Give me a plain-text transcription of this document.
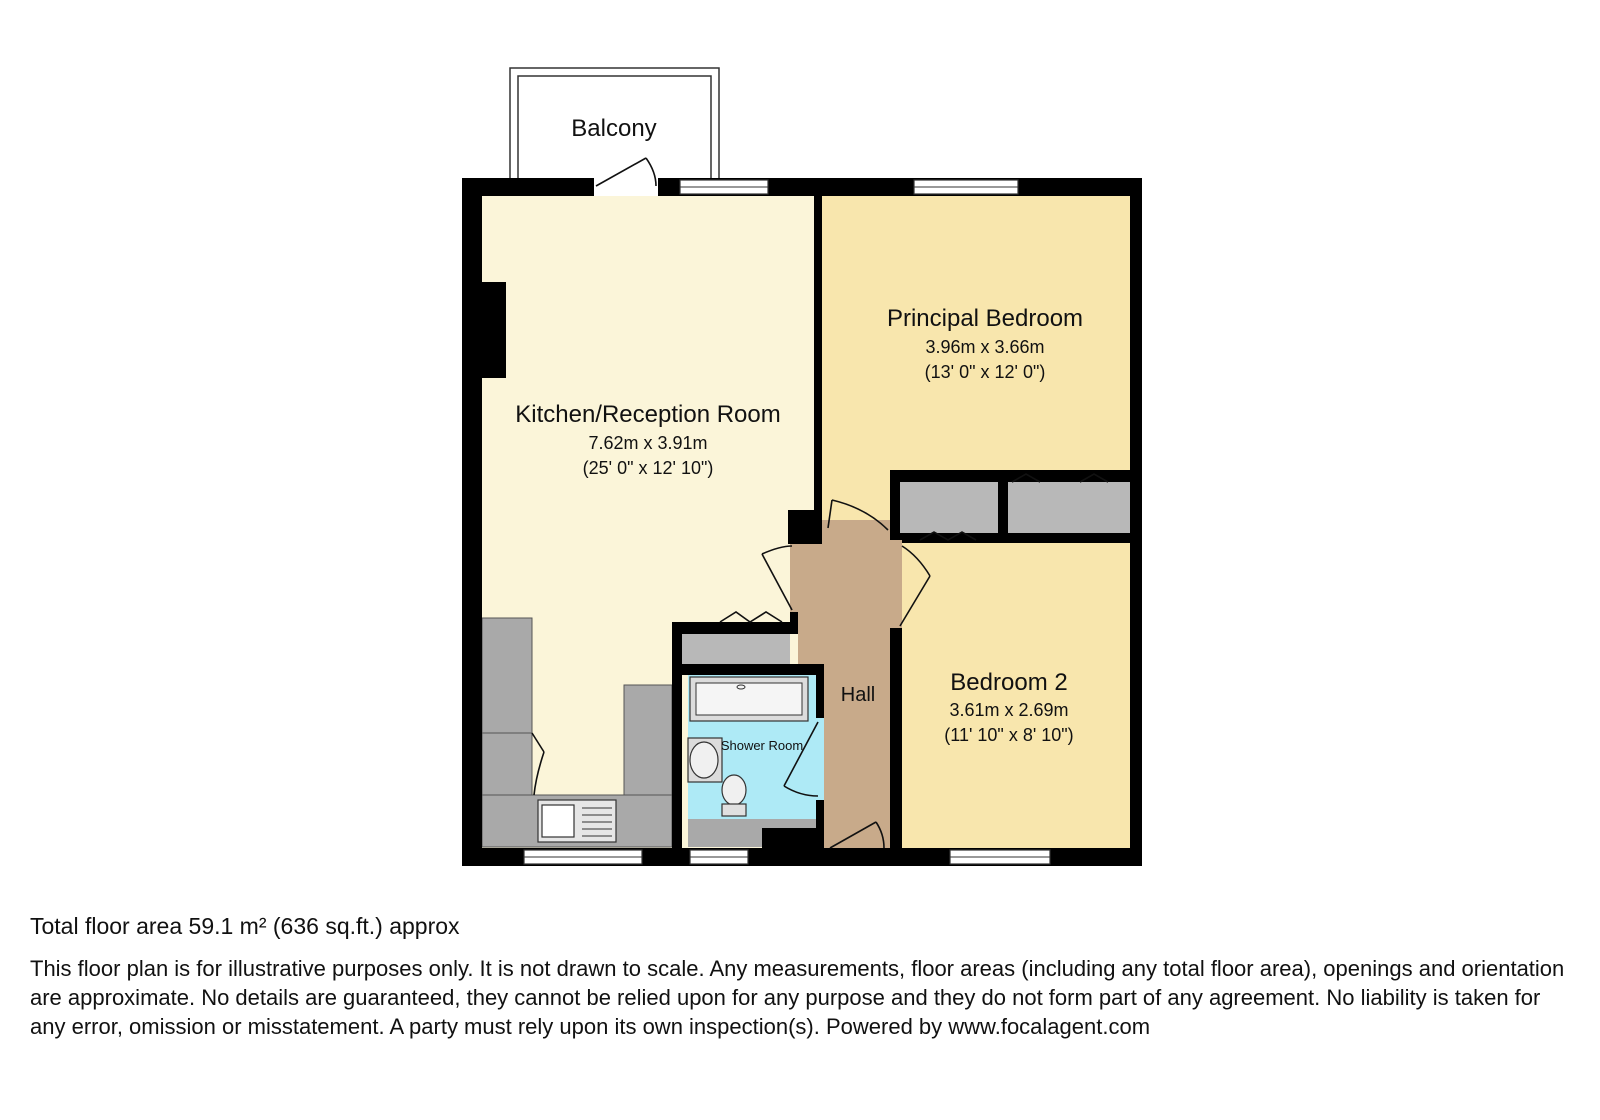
Balcony
Kitchen/Reception Room
7.62m x 3.91m
(25' 0" x 12' 10")
Principal Bedroom
3.96m x 3.66m
(13' 0" x 12' 0")
Bedroom 2
3.61m x 2.69m
(11' 10" x 8' 10")
Hall
Shower Room

Total floor area 59.1 m² (636 sq.ft.) approx

This floor plan is for illustrative purposes only. It is not drawn to scale. Any measurements, floor areas (including any total floor area), openings and orientation are approximate. No details are guaranteed, they cannot be relied upon for any purpose and they do not form part of any agreement. No liability is taken for any error, omission or misstatement. A party must rely upon its own inspection(s). Powered by www.focalagent.com
